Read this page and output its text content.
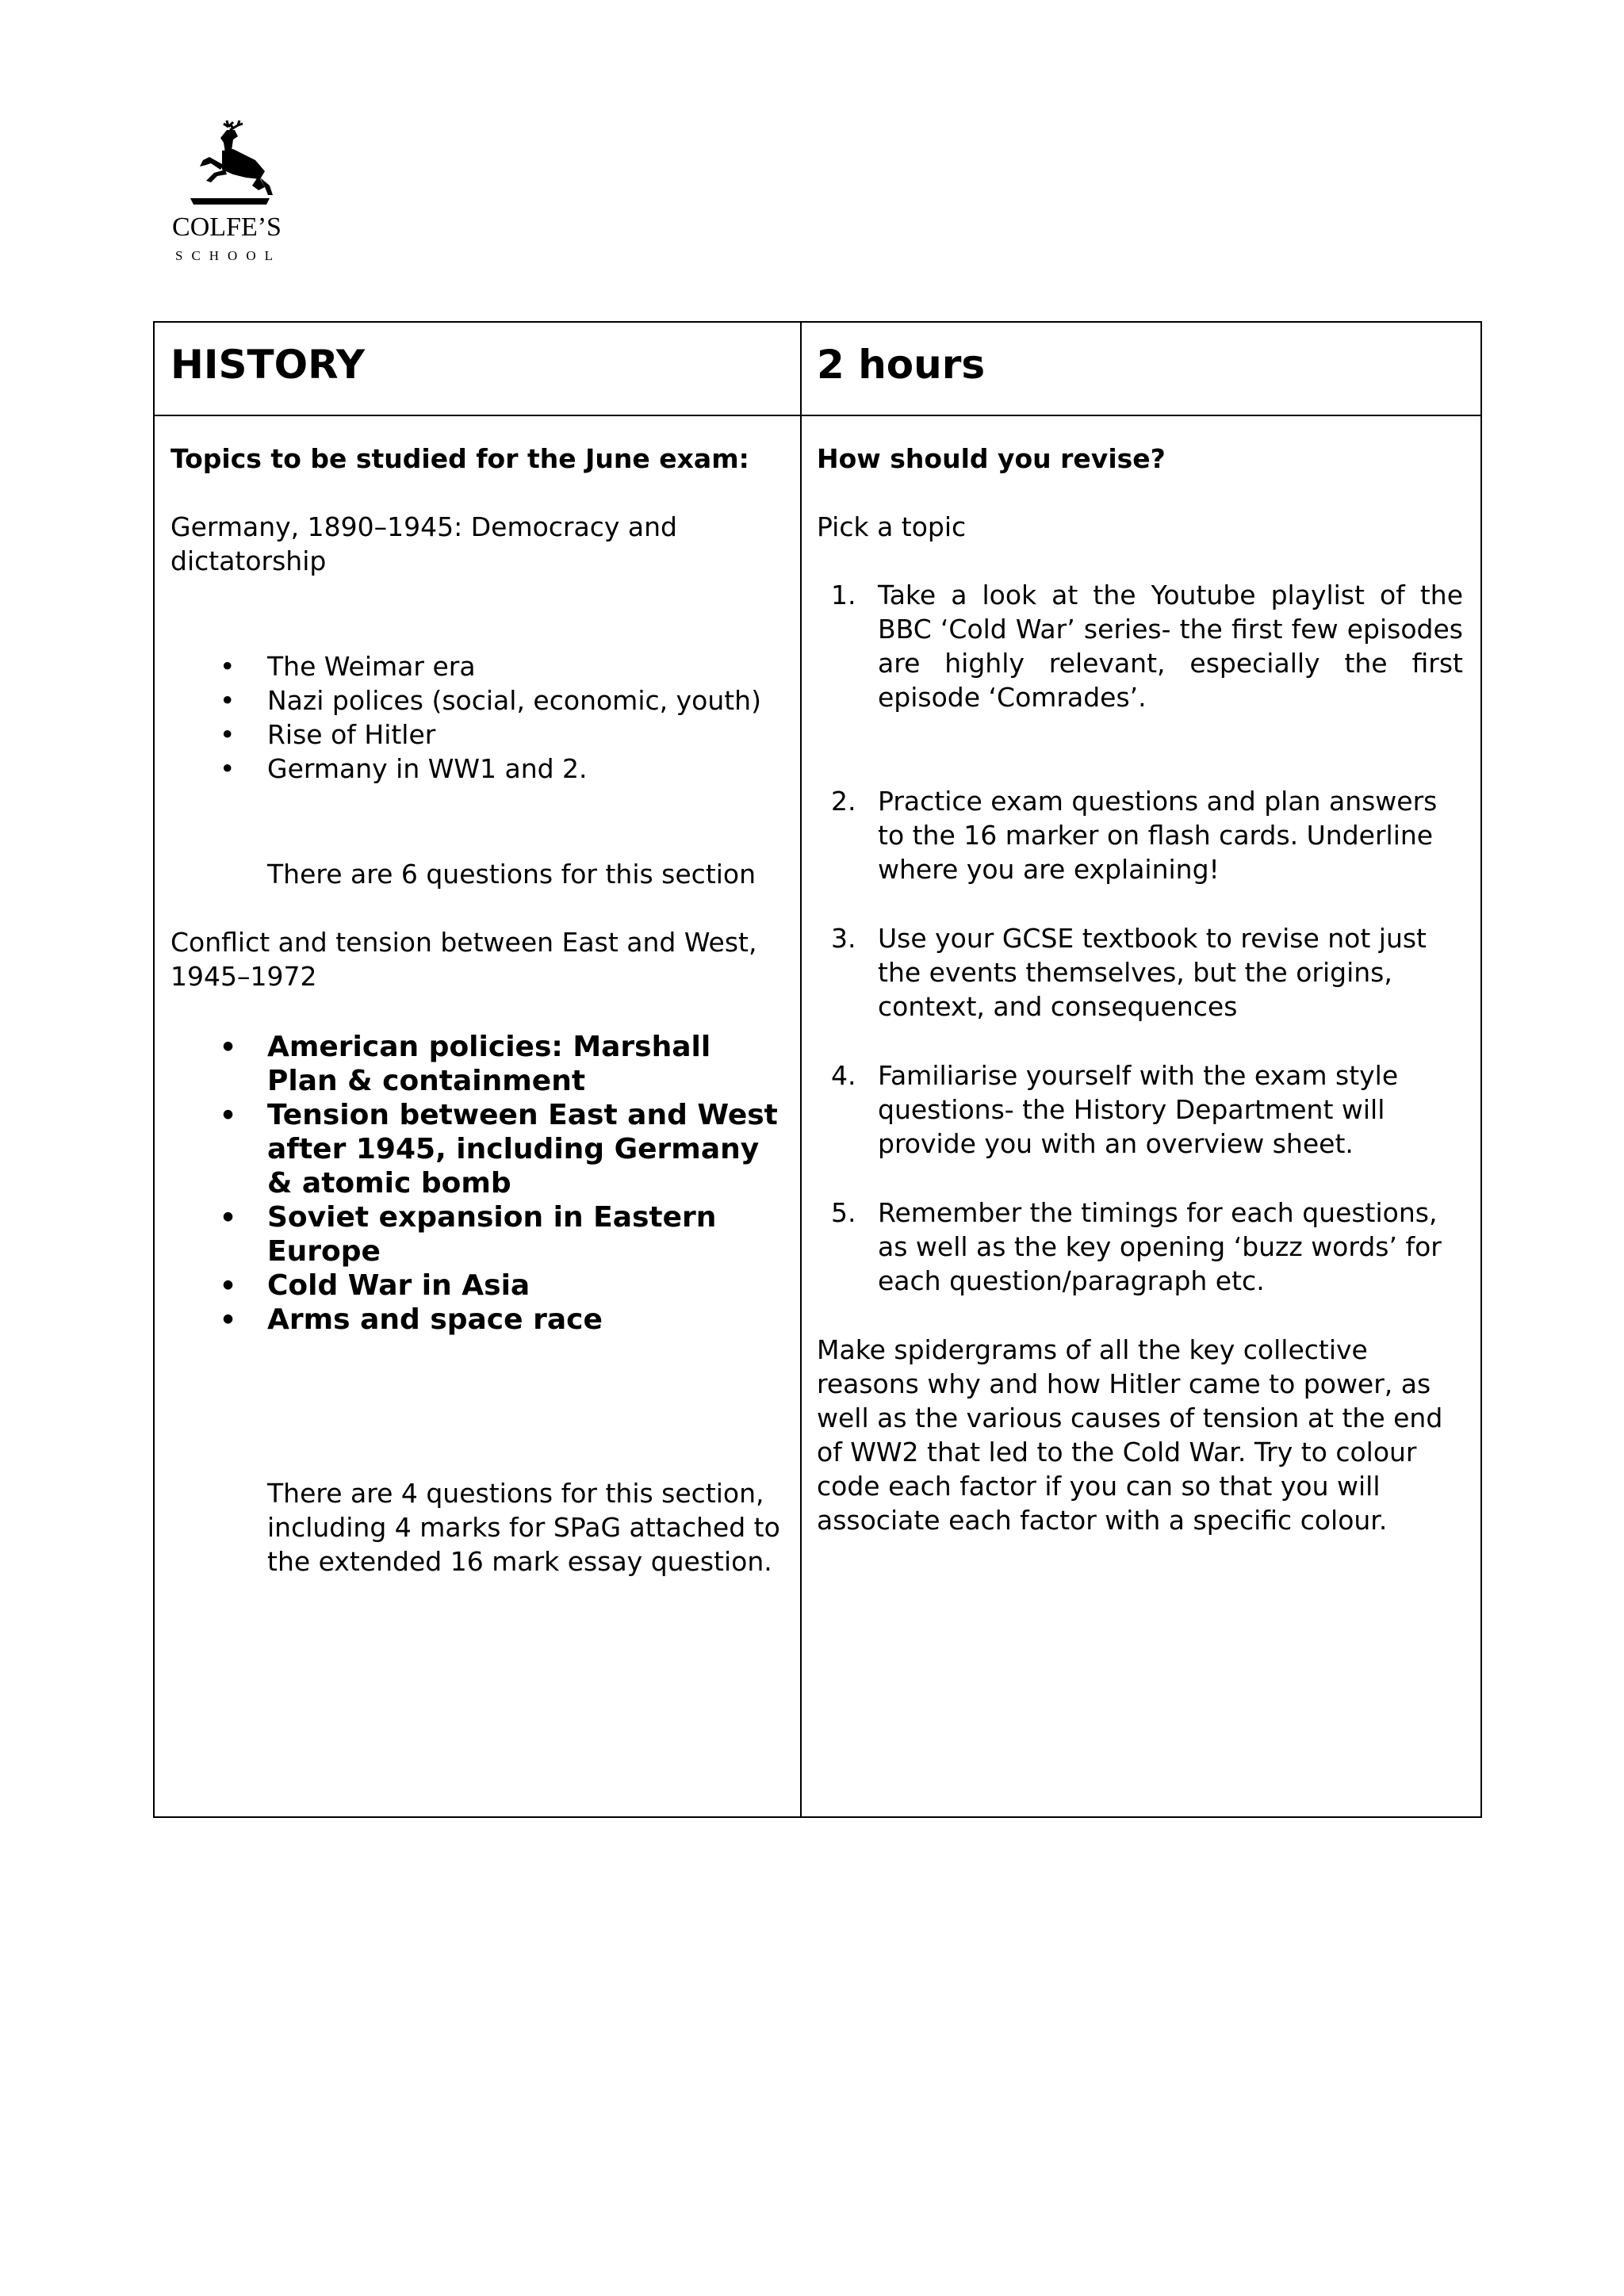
COLFE’S
SCHOOL
HISTORY	2 hours

Topics to be studied for the June exam:

Germany, 1890–1945: Democracy and dictatorship

• The Weimar era
• Nazi polices (social, economic, youth)
• Rise of Hitler
• Germany in WW1 and 2.

There are 6 questions for this section

Conflict and tension between East and West, 1945–1972

• American policies: Marshall Plan & containment
• Tension between East and West after 1945, including Germany & atomic bomb
• Soviet expansion in Eastern Europe
• Cold War in Asia
• Arms and space race

There are 4 questions for this section, including 4 marks for SPaG attached to the extended 16 mark essay question.

How should you revise?

Pick a topic

1. Take a look at the Youtube playlist of the BBC ‘Cold War’ series- the first few episodes are highly relevant, especially the first episode ‘Comrades’.
2. Practice exam questions and plan answers to the 16 marker on flash cards. Underline where you are explaining!
3. Use your GCSE textbook to revise not just the events themselves, but the origins, context, and consequences
4. Familiarise yourself with the exam style questions- the History Department will provide you with an overview sheet.
5. Remember the timings for each questions, as well as the key opening ‘buzz words’ for each question/paragraph etc.

Make spidergrams of all the key collective reasons why and how Hitler came to power, as well as the various causes of tension at the end of WW2 that led to the Cold War. Try to colour code each factor if you can so that you will associate each factor with a specific colour.
